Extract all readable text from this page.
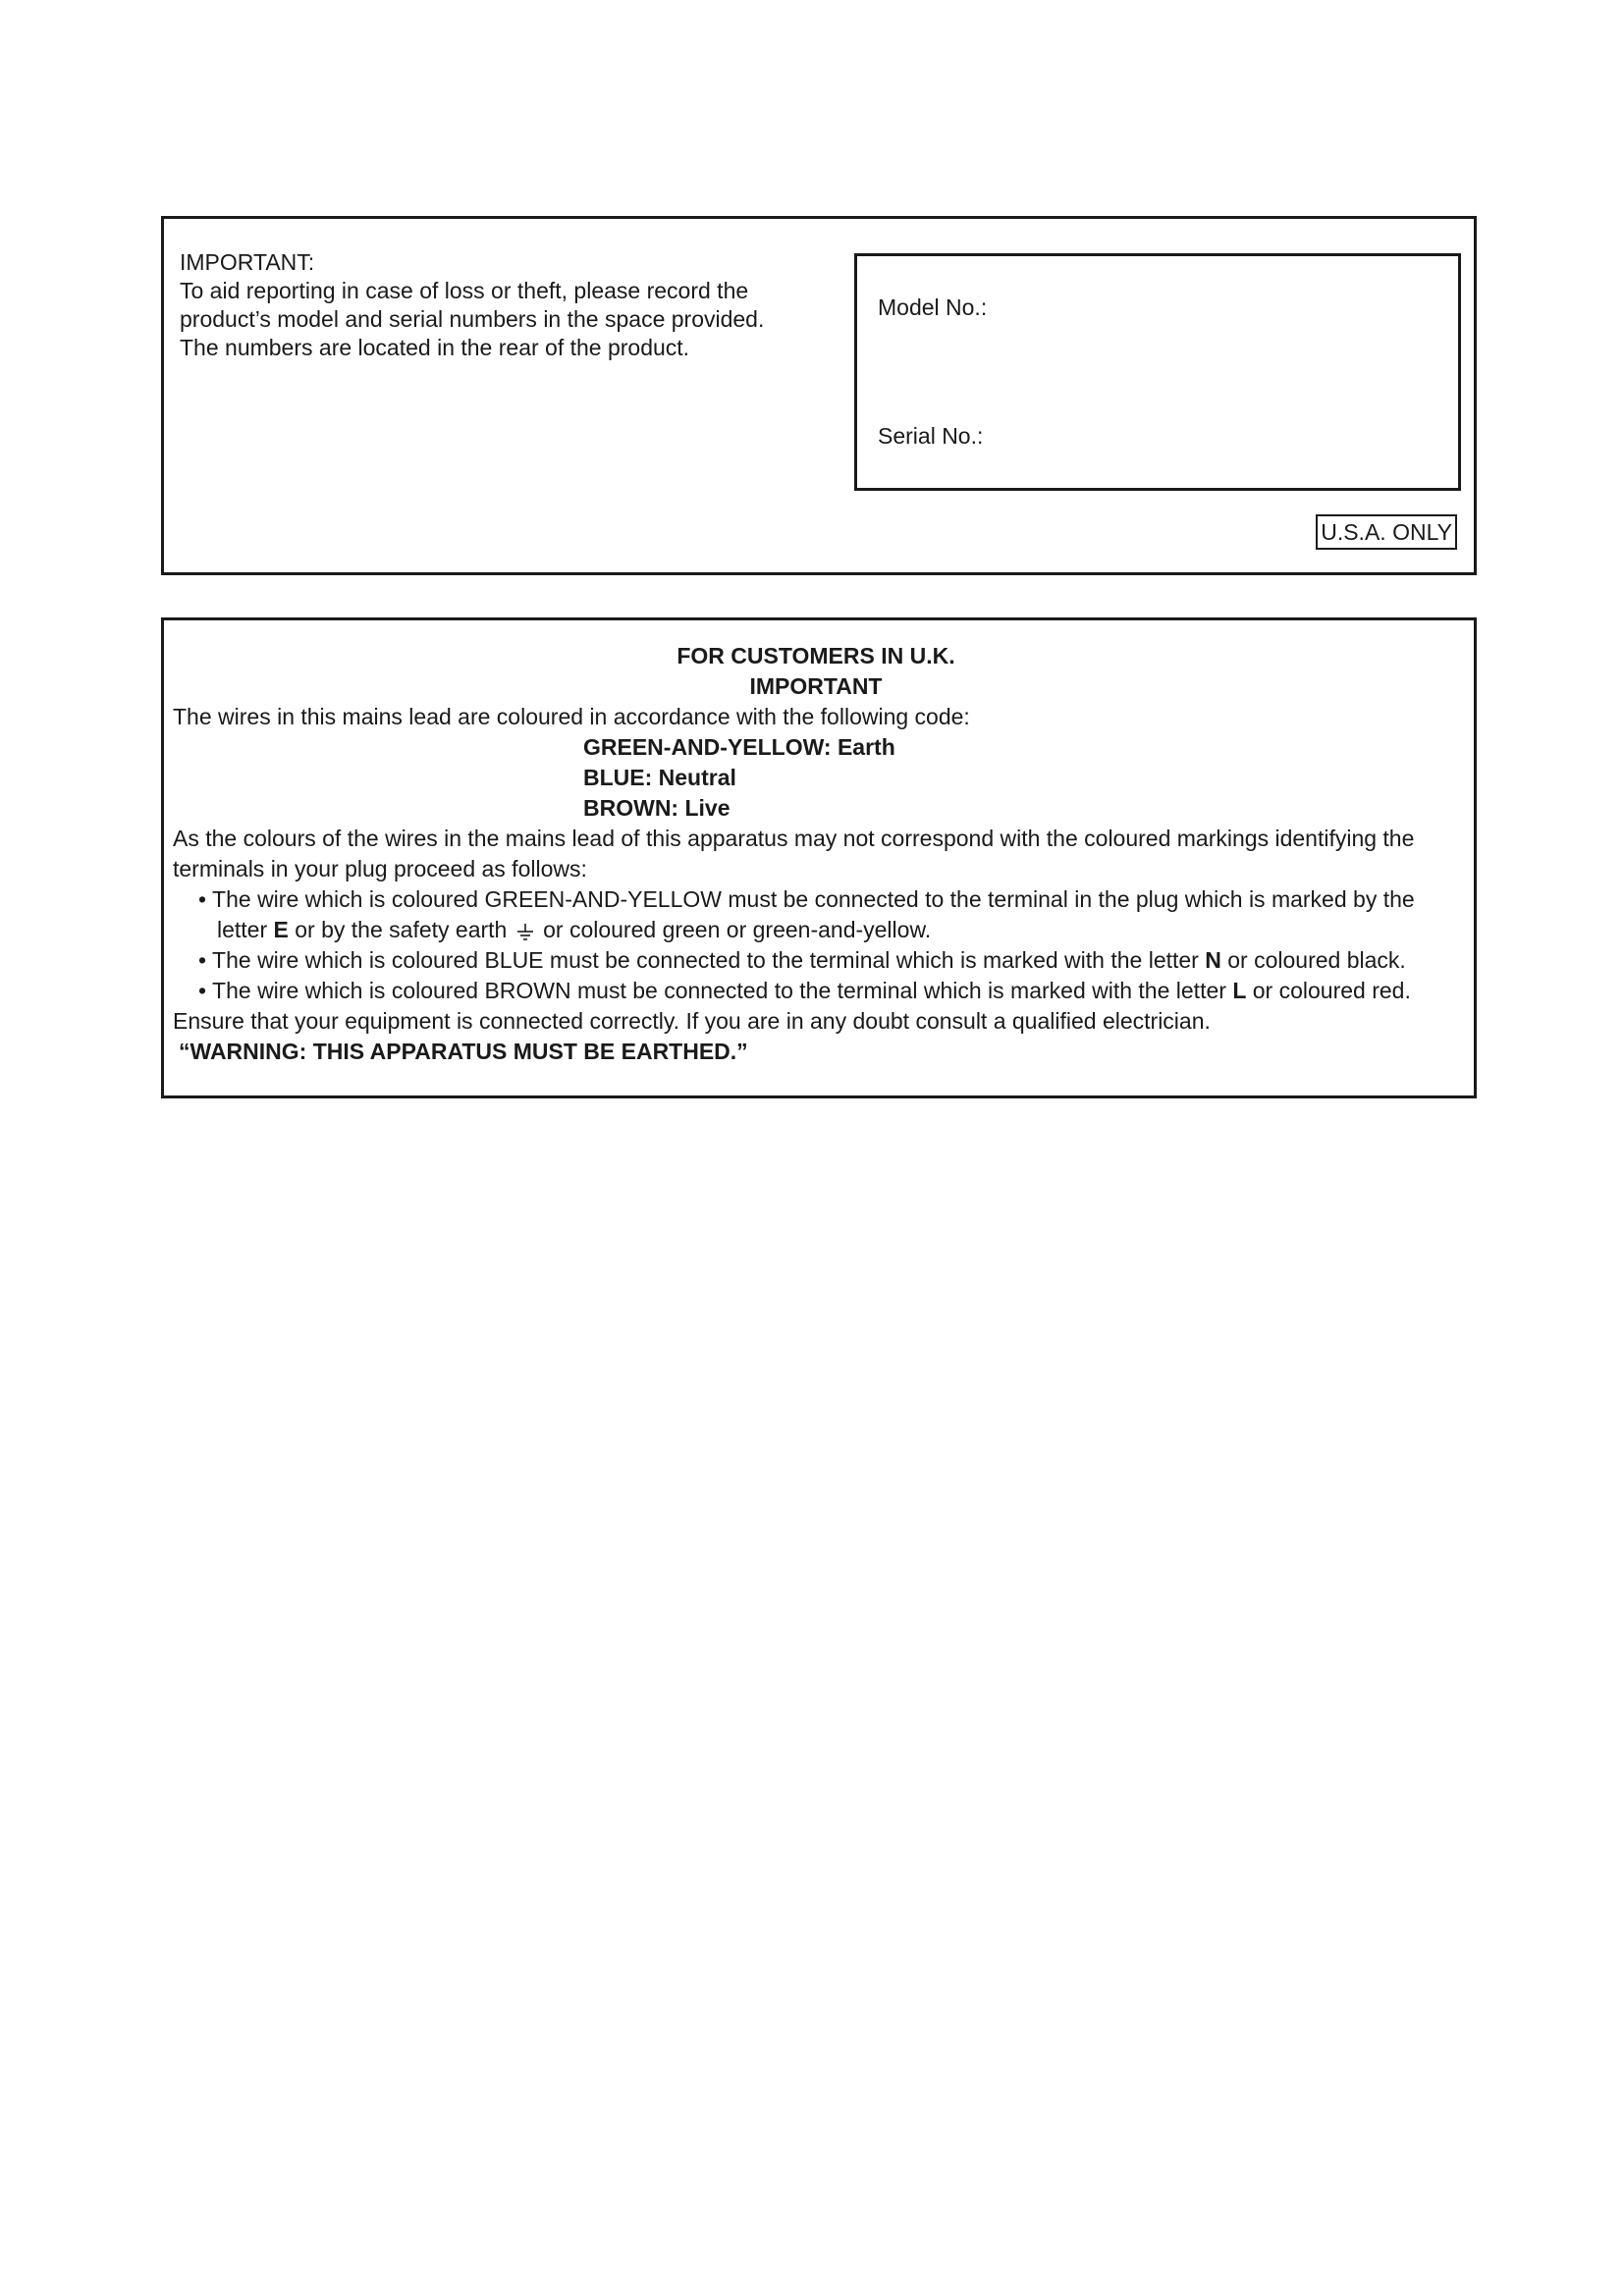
IMPORTANT:
To aid reporting in case of loss or theft, please record the
product’s model and serial numbers in the space provided.
The numbers are located in the rear of the product.
Model No.:
Serial No.:
U.S.A. ONLY
FOR CUSTOMERS IN U.K.
IMPORTANT
The wires in this mains lead are coloured in accordance with the following code:
GREEN-AND-YELLOW: Earth
BLUE: Neutral
BROWN: Live
As the colours of the wires in the mains lead of this apparatus may not correspond with the coloured markings identifying the
terminals in your plug proceed as follows:
• The wire which is coloured GREEN-AND-YELLOW must be connected to the terminal in the plug which is marked by the
letter E or by the safety earth  or coloured green or green-and-yellow.
• The wire which is coloured BLUE must be connected to the terminal which is marked with the letter N or coloured black.
• The wire which is coloured BROWN must be connected to the terminal which is marked with the letter L or coloured red.
Ensure that your equipment is connected correctly. If you are in any doubt consult a qualified electrician.
“WARNING: THIS APPARATUS MUST BE EARTHED.”
